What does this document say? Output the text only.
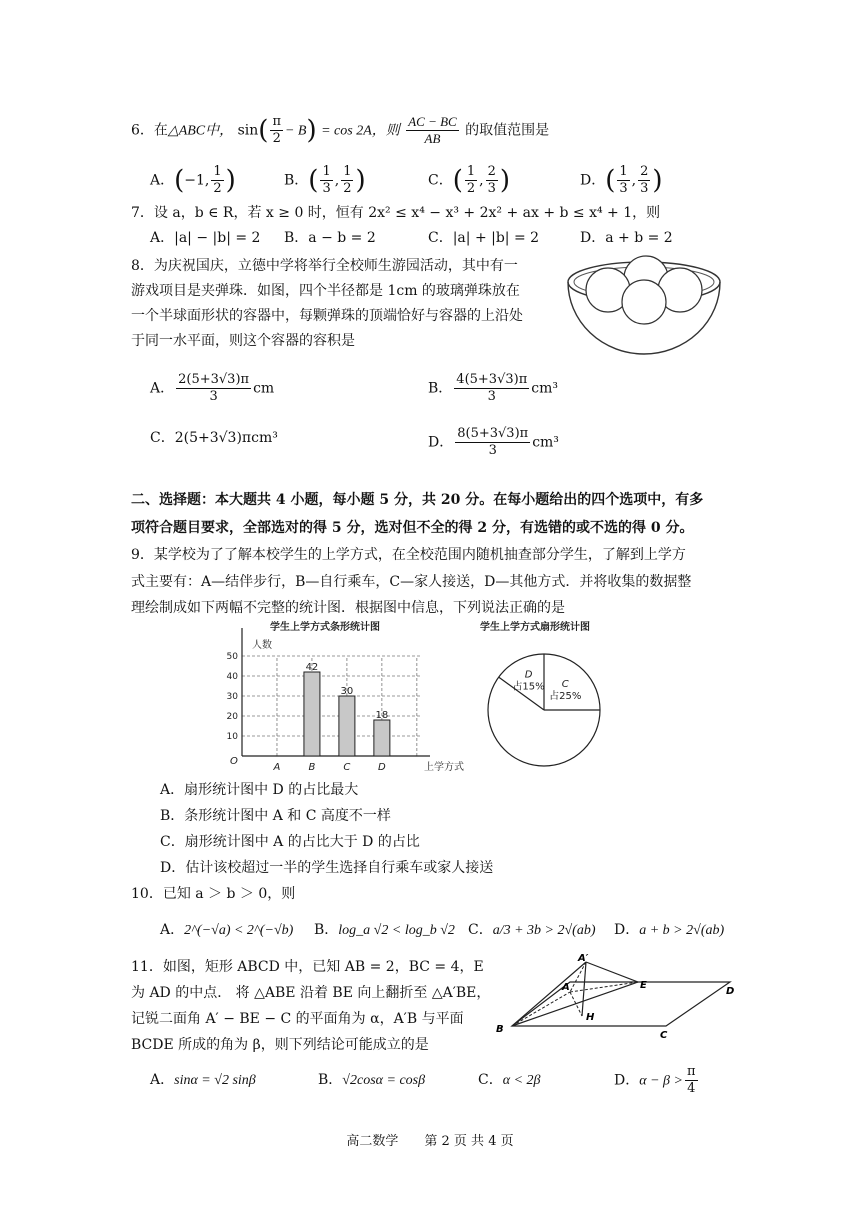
6．在△ABC中， $\sin( \frac{\pi}{2} - B) = \cos 2A$，则 $\frac{AC - BC}{AB}$ 的取值范围是
A．(−1, $\frac{1}{2}$ )	B．( $\frac{1}{3}$ , $\frac{1}{2}$ )	C．( $\frac{1}{2}$ , $\frac{2}{3}$ )	D．( $\frac{1}{3}$ , $\frac{2}{3}$ )
7．设 a，b ∈ R，若 x ≥ 0 时，恒有 2x² ≤ x⁴ − x³ + 2x² + ax + b ≤ x⁴ + 1，则
A．|a| − |b| = 2 B．a − b = 2	C．|a| + |b| = 2	D．a + b = 2
8．为庆祝国庆，立德中学将举行全校师生游园活动，其中有一
游戏项目是夹弹珠．如图，四个半径都是 1cm 的玻璃弹珠放在
一个半球面形状的容器中，每颗弹珠的顶端恰好与容器的上沿处
于同一水平面，则这个容器的容积是
A． $\frac{2(5+3√3)\pi}{3}$ cm	B． $\frac{4(5+3√3)\pi}{3} cm^3$
C．2(5+3√3)πcm³	D． $\frac{8(5+3√3)\pi}{3} cm^3$
二、选择题：本大题共 4 小题，每小题 5 分，共 20 分。在每小题给出的四个选项中，有多
项符合题目要求，全部选对的得 5 分，选对但不全的得 2 分，有选错的或不选的得 0 分。
9．某学校为了了解本校学生的上学方式，在全校范围内随机抽查部分学生，了解到上学方
式主要有：A—结伴步行，B—自行乘车，C—家人接送，D—其他方式．并将收集的数据整
理绘制成如下两幅不完整的统计图．根据图中信息，下列说法正确的是
学生上学方式条形统计图
人数
上学方式
O
10
20
30
40
50
A
42
B
30
C
18
D
学生上学方式扇形统计图
D
占15% C
占25%
A．扇形统计图中 D 的占比最大
B．条形统计图中 A 和 C 高度不一样
C．扇形统计图中 A 的占比大于 D 的占比
D．估计该校超过一半的学生选择自行乘车或家人接送
10．已知 a ＞ b ＞ 0，则
A．2^(−√a) < 2^(−√b) B．log_a √2 < log_b √2 C．a/3 + 3b > 2√(ab) D．a + b > 2√(ab)
11．如图，矩形 ABCD 中，已知 AB = 2，BC = 4，E
为 AD 的中点． 将 △ABE 沿着 BE 向上翻折至 △A′BE，
记锐二面角 A′ − BE − C 的平面角为 α，A′B 与平面
BCDE 所成的角为 β，则下列结论可能成立的是
A′
A	E
D
B
H
C
A．sinα = √2 sinβ	B．√2cosα = cosβ	C．α < 2β	D．$\alpha - \beta > \frac{\pi}{4}$
高二数学　　第 2 页 共 4 页
